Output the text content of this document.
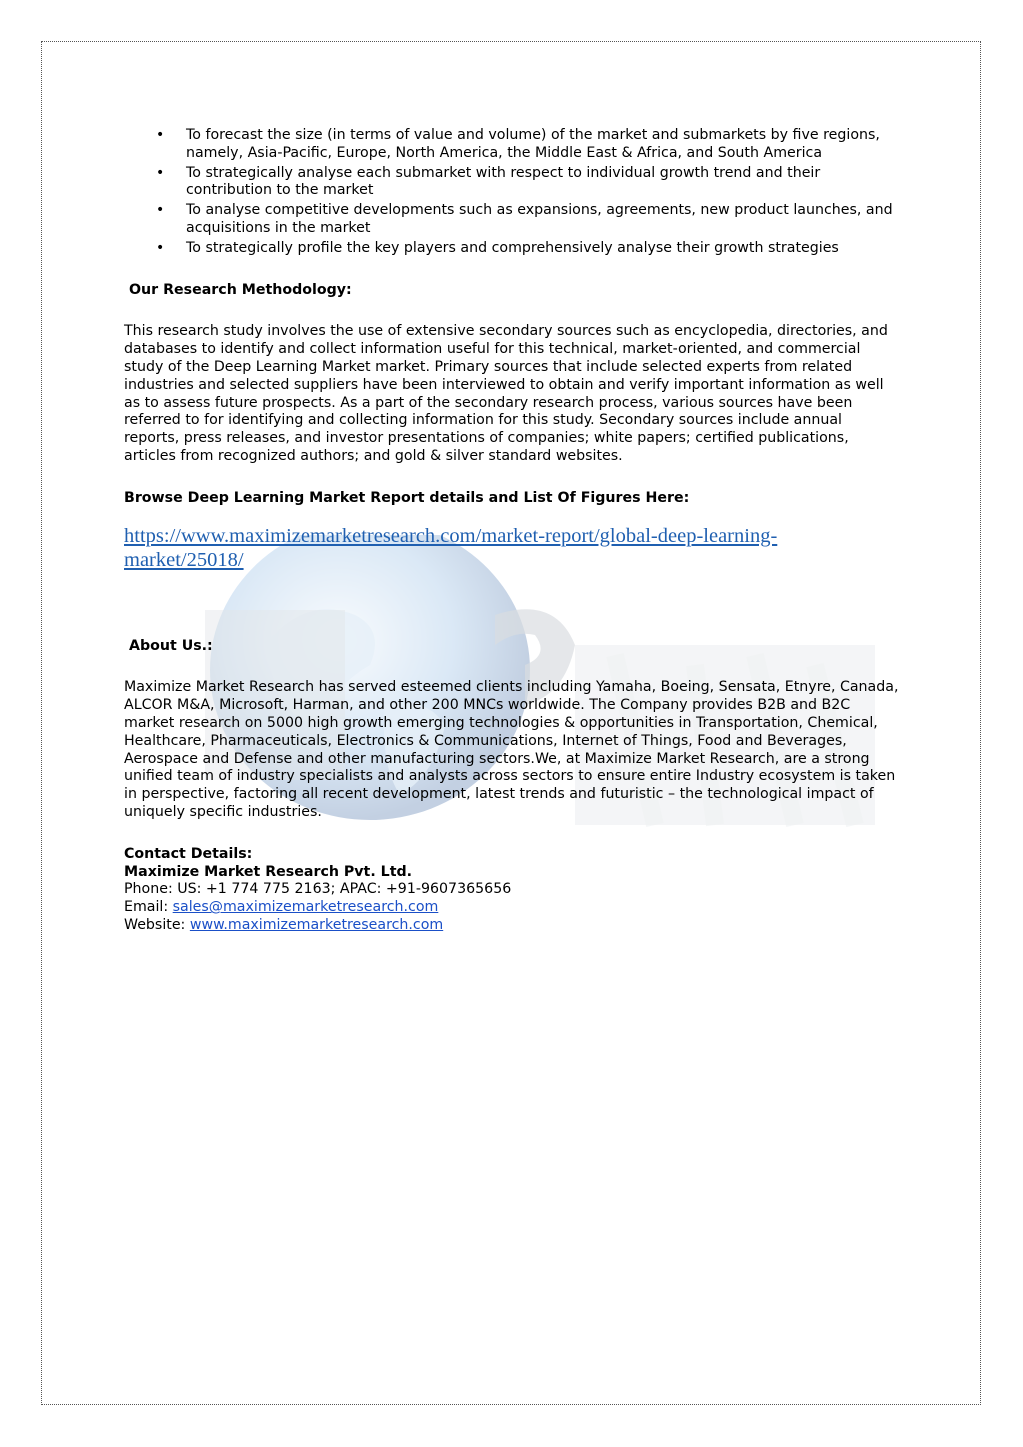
• To forecast the size (in terms of value and volume) of the market and submarkets by five regions, namely, Asia-Pacific, Europe, North America, the Middle East & Africa, and South America
• To strategically analyse each submarket with respect to individual growth trend and their contribution to the market
• To analyse competitive developments such as expansions, agreements, new product launches, and acquisitions in the market
• To strategically profile the key players and comprehensively analyse their growth strategies
Our Research Methodology:
This research study involves the use of extensive secondary sources such as encyclopedia, directories, and databases to identify and collect information useful for this technical, market-oriented, and commercial study of the Deep Learning Market market. Primary sources that include selected experts from related industries and selected suppliers have been interviewed to obtain and verify important information as well as to assess future prospects. As a part of the secondary research process, various sources have been referred to for identifying and collecting information for this study. Secondary sources include annual reports, press releases, and investor presentations of companies; white papers; certified publications, articles from recognized authors; and gold & silver standard websites.
Browse Deep Learning Market Report details and List Of Figures Here:
https://www.maximizemarketresearch.com/market-report/global-deep-learning-market/25018/
About Us.:
Maximize Market Research has served esteemed clients including Yamaha, Boeing, Sensata, Etnyre, Canada, ALCOR M&A, Microsoft, Harman, and other 200 MNCs worldwide. The Company provides B2B and B2C market research on 5000 high growth emerging technologies & opportunities in Transportation, Chemical, Healthcare, Pharmaceuticals, Electronics & Communications, Internet of Things, Food and Beverages, Aerospace and Defense and other manufacturing sectors.We, at Maximize Market Research, are a strong unified team of industry specialists and analysts across sectors to ensure entire Industry ecosystem is taken in perspective, factoring all recent development, latest trends and futuristic – the technological impact of uniquely specific industries.
Contact Details:
Maximize Market Research Pvt. Ltd.
Phone: US: +1 774 775 2163; APAC: +91-9607365656
Email: sales@maximizemarketresearch.com
Website: www.maximizemarketresearch.com
